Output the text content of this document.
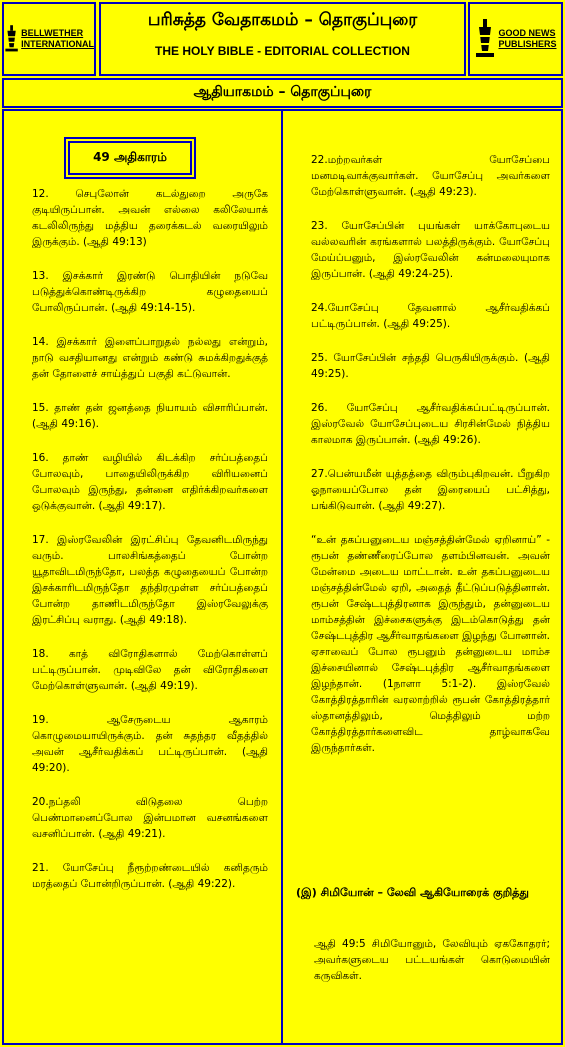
BELLWETHER
INTERNATIONAL
பரிசுத்த வேதாகமம் – தொகுப்புரை
THE HOLY BIBLE - EDITORIAL COLLECTION
GOOD NEWS
PUBLISHERS
ஆதியாகமம் – தொகுப்புரை
49 அதிகாரம்

12. செபுலோன் கடல்துறை அருகே குடியிருப்பான். அவன் எல்லை கலிலேயாக் கடலிலிருந்து மத்திய தரைக்கடல் வரையிலும் இருக்கும். (ஆதி 49:13)

13. இசக்கார் இரண்டு பொதியின் நடுவே படுத்துக்கொண்டிருக்கிற கழுதையைப் போலிருப்பான். (ஆதி 49:14-15).

14. இசக்கார் இளைப்பாறுதல் நல்லது என்றும், நாடு வசதியானது என்றும் கண்டு சுமக்கிறதுக்குத் தன் தோளைச் சாய்த்துப் பகுதி கட்டுவான்.

15. தாண் தன் ஜனத்தை நியாயம் விசாரிப்பான். (ஆதி 49:16).

16. தாண் வழியில் கிடக்கிற சர்ப்பத்தைப் போலவும், பாதையிலிருக்கிற விரியனைப் போலவும் இருந்து, தன்னை எதிர்க்கிறவர்களை ஒடுக்குவான். (ஆதி 49:17).

17. இஸ்ரவேலின் இரட்சிப்பு தேவனிடமிருந்து வரும். பாலசிங்கத்தைப் போன்ற யூதாவிடமிருந்தோ, பலத்த கழுதையைப் போன்ற இசக்காரிடமிருந்தோ தந்திரமுள்ள சர்ப்பத்தைப் போன்ற தாணிடமிருந்தோ இஸ்ரவேலுக்கு இரட்சிப்பு வராது. (ஆதி 49:18).

18. காத் விரோதிகளால் மேற்கொள்ளப் பட்டிருப்பான். முடிவிலே தன் விரோதிகளை மேற்கொள்ளுவான். (ஆதி 49:19).

19. ஆசேருடைய ஆகாரம் கொழுமையாயிருக்கும். தன் சுதந்தர வீதத்தில் அவன் ஆசீர்வதிக்கப் பட்டிருப்பான். (ஆதி 49:20).

20.நப்தலி விடுதலை பெற்ற பெண்மானைப்போல இன்பமான வசனங்களை வசனிப்பான். (ஆதி 49:21).

21. யோசேப்பு நீரூற்றண்டையில் கனிதரும் மரத்தைப் போன்றிருப்பான். (ஆதி 49:22).

22.மற்றவர்கள் யோசேப்பை மனமடிவாக்குவார்கள். யோசேப்பு அவர்களை மேற்கொள்ளுவான். (ஆதி 49:23).

23. யோசேப்பின் புயங்கள் யாக்கோபுடைய வல்லவரின் கரங்களால் பலத்திருக்கும். யோசேப்பு மேய்ப்பனும், இஸ்ரவேலின் கன்மலையுமாக இருப்பான். (ஆதி 49:24-25).

24.யோசேப்பு தேவனால் ஆசீர்வதிக்கப் பட்டிருப்பான். (ஆதி 49:25).

25. யோசேப்பின் சந்ததி பெருகியிருக்கும். (ஆதி 49:25).

26. யோசேப்பு ஆசீர்வதிக்கப்பட்டிருப்பான். இஸ்ரவேல் யோசேப்புடைய சிரசின்மேல் நித்திய காலமாக இருப்பான். (ஆதி 49:26).

27.பென்யமீன் யுத்தத்தை விரும்புகிறவன். பீறுகிற ஓநாயைப்போல தன் இரையைப் பட்சித்து, பங்கிடுவான். (ஆதி 49:27).

“உன் தகப்பனுடைய மஞ்சத்தின்மேல் ஏறினாய்” - ரூபன் தண்ணீரைப்போல தளம்பினவன். அவன் மேன்மை அடைய மாட்டான். உன் தகப்பனுடைய மஞ்சத்தின்மேல் ஏறி, அதைத் தீட்டுப்படுத்தினான். ரூபன் சேஷ்டபுத்திரனாக இருந்தும், தன்னுடைய மாம்சத்தின் இச்சைகளுக்கு இடம்கொடுத்து தன் சேஷ்டபுத்திர ஆசீர்வாதங்களை இழந்து போனான். ஏசாவைப் போல ரூபனும் தன்னுடைய மாம்ச இச்சையினால் சேஷ்டபுத்திர ஆசீர்வாதங்களை இழந்தான். (1நாளா 5:1-2). இஸ்ரவேல் கோத்திரத்தாரின் வரலாற்றில் ரூபன் கோத்திரத்தார் ஸ்தானத்திலும், மெத்திலும் மற்ற கோத்திரத்தார்களைவிட தாழ்வாகவே இருந்தார்கள்.

(இ) சிமியோன் – லேவி ஆகியோரைக் குறித்து
ஆதி 49:5 சிமியோனும், லேவியும் ஏககோதரர்; அவர்களுடைய பட்டயங்கள் கொடுமையின் கருவிகள்.
